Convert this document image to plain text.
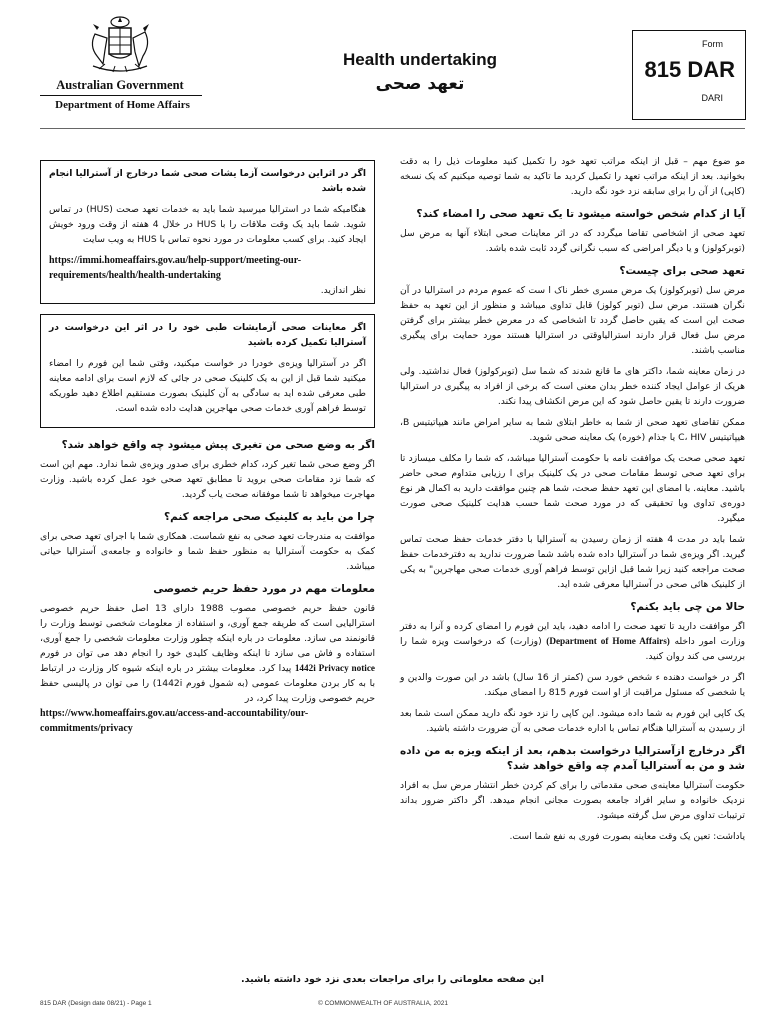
Australian Government
Department of Home Affairs
Health undertaking
تعهد صحی
Form
815 DAR
DARI

مو ضوع مهم – قبل از اینکه مراتب تعهد خود را تکمیل کنید معلومات ذیل را به دقت بخوانید. بعد از اینکه مراتب تعهد را تکمیل کردید ما تاکید به شما توصیه میکنیم که یک نسخه (کاپی) از آن را برای سابقه نزد خود نگه دارید.

آیا از کدام شخص خواسته میشود تا یک تعهد صحی را امضاء کند؟

تعهد صحی از اشخاصی تقاضا میگردد که در اثر معاینات صحی ابتلاء آنها به مرض سل (توبرکولوز) و یا دیگر امراضی که سبب نگرانی گردد ثابت شده باشد.

تعهد صحی برای چیست؟

مرض سل (توبرکولوز) یک مرض مسری خطر ناک ا ست که عموم مردم در استرالیا در آن نگران هستند. مرض سل (توبر کولوز) قابل تداوی میباشد و منظور از این تعهد به حفظ صحت این است که یقین حاصل گردد تا اشخاصی که در معرض خطر بیشتر برای گرفتن مرض سل فعال قرار دارند استرالیاوقتی در استرالیا هستند مورد حمایت برای پیگیری مناسب باشند.

در زمان معاینه شما، داکتر های ما قانع شدند که شما سل (توبرکولوز) فعال نداشتید. ولی هریک از عوامل ایجاد کننده خطر بدان معنی است که برخی از افراد به پیگیری در استرالیا ضرورت دارند تا یقین حاصل شود که این مرض انکشاف پیدا نکند.

ممکن تقاضای تعهد صحی از شما به خاطر ابتلای شما به سایر امراض مانند هیپاتیتیس B، هیپاتیتیس C، HIV یا جذام (خوره) یک معاینه صحی شوید.

تعهد صحی صحت یک موافقت نامه با حکومت آسترالیا میباشد، که شما را مکلف میسازد تا برای تعهد صحی توسط مقامات صحی در یک کلینیک برای ا رزیابی متداوم صحی حاضر باشید. معاینه. با امضای این تعهد حفظ صحت، شما هم چنین موافقت دارید به اکمال هر نوع دوره‌ی تداوی ویا تحقیقی که در مورد صحت شما حسب هدایت کلینیک صحی صورت میگیرد.

شما باید در مدت 4 هفته از زمان رسیدن به آسترالیا با دفتر خدمات حفظ صحت تماس گیرید. اگر ویزه‌ی شما در آسترالیا داده شده باشد شما ضرورت ندارید به دفترخدمات حفظ صحت مراجعه کنید زیرا شما قبل ازاین توسط فراهم آوری خدمات صحی مهاجرین" به یکی از کلینیک هائی صحی در آسترالیا معرفی شده اید.

حالا من چی باید بکنم؟

اگر موافقت دارید تا تعهد صحت را ادامه دهید، باید این فورم را امضای کرده و آنرا به دفتر وزارت امور داخله (Department of Home Affairs) (وزارت) که درخواست ویزه شما را بررسی می کند روان کنید.

اگر در خواست دهنده ء شخص خورد سن (کمتر از 16 سال) باشد در این صورت والدین و یا شخصی که مسئول مراقبت از او است فورم 815 را امضای میکند.

یک کاپی این فورم به شما داده میشود. این کاپی را نزد خود نگه دارید ممکن است شما بعد از رسیدن به آسترالیا هنگام تماس با اداره خدمات صحی به آن ضرورت داشته باشید.

اگر درخارج ازآسترالیا درخواست بدهم، بعد از اینکه ویزه به من داده شد و من به آسترالیا آمدم چه واقع خواهد شد؟

حکومت آسترالیا معاینه‌ی صحی مقدماتی را برای کم کردن خطر انتشار مرض سل به افراد نزدیک خانواده و سایر افراد جامعه بصورت مجانی انجام میدهد. اگر داکتر ضرور بداند ترتیبات تداوی مرض سل گرفته میشود.

یاداشت: تعین یک وقت معاینه بصورت فوری به نفع شما است.

اگر در اثراین درخواست آزما یشات صحی شما درخارج از آسترالیا انجام شده باشد

هنگامیکه شما در استرالیا میرسید شما باید به خدمات تعهد صحت (HUS) در تماس شوید. شما باید یک وقت ملاقات را با HUS در خلال 4 هفته از وقت ورود خویش ایجاد کنید. برای کسب معلومات در مورد نحوه تماس با HUS به ویب سایت

https://immi.homeaffairs.gov.au/help-support/meeting-our-requirements/health/health-undertaking
نظر اندازید.

اگر معاینات صحی آزمایشات طبی خود را در اثر این درخواست در آسترالیا تکمیل کرده باشید

اگر در آسترالیا ویزه‌ی خودرا در خواست میکنید، وقتی شما این فورم را امضاء میکنید شما قبل از این به یک کلینیک صحی در جائی که لازم است برای ادامه معاینه طبی معرفی شده اید به سادگی به آن کلینیک بصورت مستقیم اطلاع دهید طوریکه توسط فراهم آوری خدمات صحی مهاجرین هدایت داده شده است.

اگر به وضع صحی من تغیری پیش میشود چه واقع خواهد شد؟

اگر وضع صحی شما تغیر کرد، کدام خطری برای صدور ویزه‌ی شما ندارد. مهم این است که شما نزد مقامات صحی بروید تا مطابق تعهد صحی خود عمل کرده باشید. وزارت مهاجرت میخواهد تا شما موفقانه صحت یاب گردید.

چرا من باید به کلینیک صحی مراجعه کنم؟

موافقت به مندرجات تعهد صحی به نفع شماست. همکاری شما با اجرای تعهد صحی برای کمک به حکومت آسترالیا به منظور حفظ شما و خانواده و جامعه‌ی آسترالیا حیاتی میباشد.

معلومات مهم در مورد حفظ حریم خصوصی

قانون حفظ حریم خصوصی مصوب 1988 دارای 13 اصل حفظ حریم خصوصی استرالیایی است که طریقه جمع آوری، و استفاده از معلومات شخصی توسط وزارت را قانونمند می سازد. معلومات در باره اینکه چطور وزارت معلومات شخصی را جمع آوری، استفاده و فاش می سازد تا اینکه وظایف کلیدی خود را انجام دهد می توان در فورم 1442i Privacy notice پیدا کرد. معلومات بیشتر در باره اینکه شیوه کار وزارت در ارتباط با به کار بردن معلومات عمومی (به شمول فورم 1442i) را می توان در پالیسی حفظ حریم خصوصی وزارت پیدا کرد، در
https://www.homeaffairs.gov.au/access-and-accountability/our-commitments/privacy

این صفحه معلوماتی را برای مراجعات بعدی نزد خود داشته باشید.
815 DAR (Design date 08/21) - Page 1	© COMMONWEALTH OF AUSTRALIA, 2021
